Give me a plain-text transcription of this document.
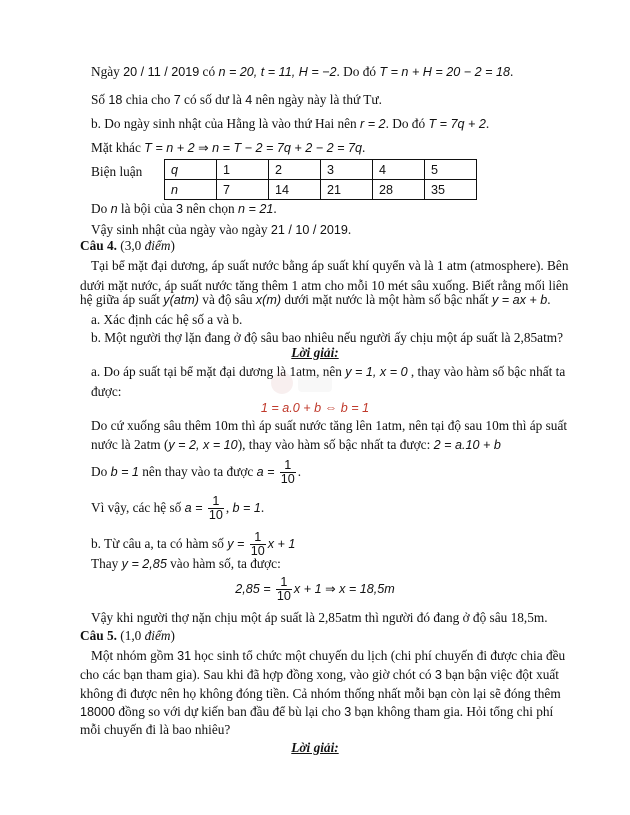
Ngày 20 / 11 / 2019 có n = 20, t = 11, H = −2. Do đó T = n + H = 20 − 2 = 18.
Số 18 chia cho 7 có số dư là 4 nên ngày này là thứ Tư.
b. Do ngày sinh nhật của Hằng là vào thứ Hai nên r = 2. Do đó T = 7q + 2.
Mặt khác T = n + 2 ⇒ n = T − 2 = 7q + 2 − 2 = 7q.
Biện luận q	1	2	3	4	5
n	7	14	21	28	35
Do n là bội của 3 nên chọn n = 21.
Vậy sinh nhật của ngày vào ngày 21 / 10 / 2019.
Câu 4. (3,0 điểm)
Tại bể mặt đại dương, áp suất nước bằng áp suất khí quyển và là 1 atm (atmosphere). Bên
dưới mặt nước, áp suất nước tăng thêm 1 atm cho mỗi 10 mét sâu xuống. Biết rằng mối liên
hệ giữa áp suất y(atm) và độ sâu x(m) dưới mặt nước là một hàm số bậc nhất y = ax + b.
a. Xác định các hệ số a và b.
b. Một người thợ lặn đang ở độ sâu bao nhiêu nếu người ấy chịu một áp suất là 2,85atm?
Lời giải:
a. Do áp suất tại bể mặt đại dương là 1atm, nên y = 1, x = 0 , thay vào hàm số bậc nhất ta
được:
1 = a.0 + b ⇔ b = 1
Do cứ xuống sâu thêm 10m thì áp suất nước tăng lên 1atm, nên tại độ sau 10m thì áp suất
nước là 2atm (y = 2, x = 10), thay vào hàm số bậc nhất ta được: 2 = a.10 + b
Do b = 1 nên thay vào ta được $a = \frac{1}{10}$ .
Vì vậy, các hệ số $a = \frac{1}{10}$ , b = 1.
b. Từ câu a, ta có hàm số $y = \frac{1}{10}$ x + 1
Thay y = 2,85 vào hàm số, ta được:
$2,85 = \frac{1}{10}$ x + 1 ⇒ x = 18,5m
Vậy khi người thợ nặn chịu một áp suất là 2,85atm thì người đó đang ở độ sâu 18,5m.
Câu 5. (1,0 điểm)
Một nhóm gồm 31 học sinh tổ chức một chuyến du lịch (chi phí chuyến đi được chia đều
cho các bạn tham gia). Sau khi đã hợp đồng xong, vào giờ chót có 3 bạn bận việc đột xuất
không đi được nên họ không đóng tiền. Cả nhóm thống nhất mỗi bạn còn lại sẽ đóng thêm
18000 đồng so với dự kiến ban đầu để bù lại cho 3 bạn không tham gia. Hỏi tổng chi phí
mỗi chuyến đi là bao nhiêu?
Lời giải:
